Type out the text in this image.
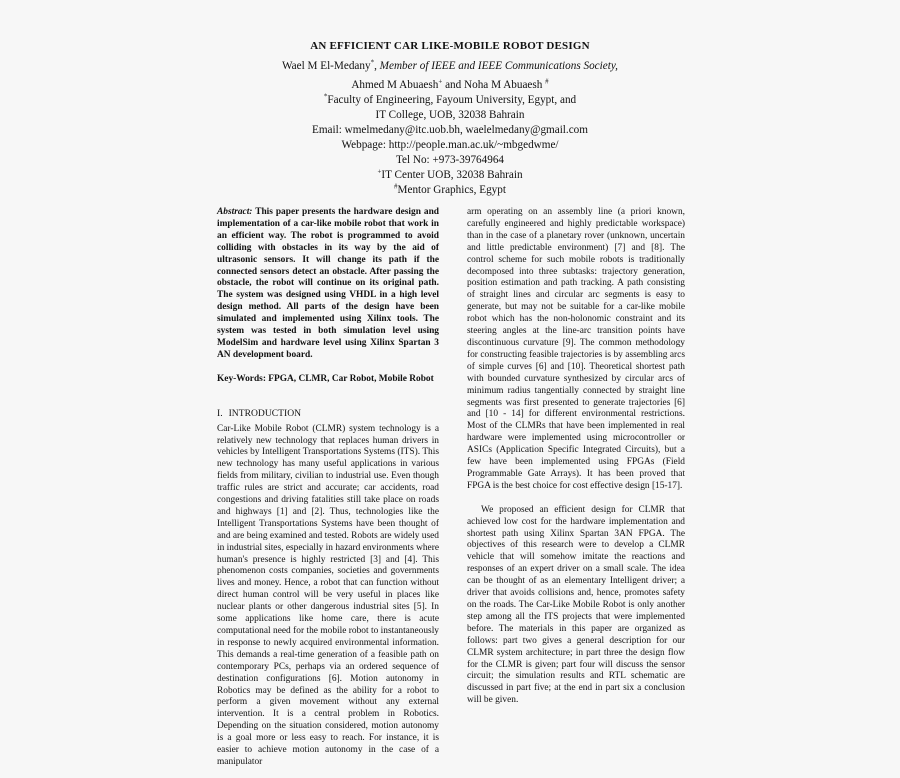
AN EFFICIENT CAR LIKE-MOBILE ROBOT DESIGN
Wael M El-Medany*, Member of IEEE and IEEE Communications Society,
Ahmed M Abuaesh+ and Noha M Abuaesh #
*Faculty of Engineering, Fayoum University, Egypt, and
IT College, UOB, 32038 Bahrain
Email: wmelmedany@itc.uob.bh, waelelmedany@gmail.com
Webpage: http://people.man.ac.uk/~mbgedwme/
Tel No: +973-39764964
+IT Center UOB, 32038 Bahrain
#Mentor Graphics, Egypt

Abstract: This paper presents the hardware design and implementation of a car-like mobile robot that work in an efficient way. The robot is programmed to avoid colliding with obstacles in its way by the aid of ultrasonic sensors. It will change its path if the connected sensors detect an obstacle. After passing the obstacle, the robot will continue on its original path. The system was designed using VHDL in a high level design method. All parts of the design have been simulated and implemented using Xilinx tools. The system was tested in both simulation level using ModelSim and hardware level using Xilinx Spartan 3 AN development board.

Key-Words: FPGA, CLMR, Car Robot, Mobile Robot

I. INTRODUCTION

Car-Like Mobile Robot (CLMR) system technology is a relatively new technology that replaces human drivers in vehicles by Intelligent Transportations Systems (ITS). This new technology has many useful applications in various fields from military, civilian to industrial use. Even though traffic rules are strict and accurate; car accidents, road congestions and driving fatalities still take place on roads and highways [1] and [2]. Thus, technologies like the Intelligent Transportations Systems have been thought of and are being examined and tested. Robots are widely used in industrial sites, especially in hazard environments where human's presence is highly restricted [3] and [4]. This phenomenon costs companies, societies and governments lives and money. Hence, a robot that can function without direct human control will be very useful in places like nuclear plants or other dangerous industrial sites [5]. In some applications like home care, there is acute computational need for the mobile robot to instantaneously in response to newly acquired environmental information. This demands a real-time generation of a feasible path on contemporary PCs, perhaps via an ordered sequence of destination configurations [6]. Motion autonomy in Robotics may be defined as the ability for a robot to perform a given movement without any external intervention. It is a central problem in Robotics. Depending on the situation considered, motion autonomy is a goal more or less easy to reach. For instance, it is easier to achieve motion autonomy in the case of a manipulator

arm operating on an assembly line (a priori known, carefully engineered and highly predictable workspace) than in the case of a planetary rover (unknown, uncertain and little predictable environment) [7] and [8]. The control scheme for such mobile robots is traditionally decomposed into three subtasks: trajectory generation, position estimation and path tracking. A path consisting of straight lines and circular arc segments is easy to generate, but may not be suitable for a car-like mobile robot which has the non-holonomic constraint and its steering angles at the line-arc transition points have discontinuous curvature [9]. The common methodology for constructing feasible trajectories is by assembling arcs of simple curves [6] and [10]. Theoretical shortest path with bounded curvature synthesized by circular arcs of minimum radius tangentially connected by straight line segments was first presented to generate trajectories [6] and [10 - 14] for different environmental restrictions. Most of the CLMRs that have been implemented in real hardware were implemented using microcontroller or ASICs (Application Specific Integrated Circuits), but a few have been implemented using FPGAs (Field Programmable Gate Arrays). It has been proved that FPGA is the best choice for cost effective design [15-17].

We proposed an efficient design for CLMR that achieved low cost for the hardware implementation and shortest path using Xilinx Spartan 3AN FPGA. The objectives of this research were to develop a CLMR vehicle that will somehow imitate the reactions and responses of an expert driver on a small scale. The idea can be thought of as an elementary Intelligent driver; a driver that avoids collisions and, hence, promotes safety on the roads. The Car-Like Mobile Robot is only another step among all the ITS projects that were implemented before. The materials in this paper are organized as follows: part two gives a general description for our CLMR system architecture; in part three the design flow for the CLMR is given; part four will discuss the sensor circuit; the simulation results and RTL schematic are discussed in part five; at the end in part six a conclusion will be given.
